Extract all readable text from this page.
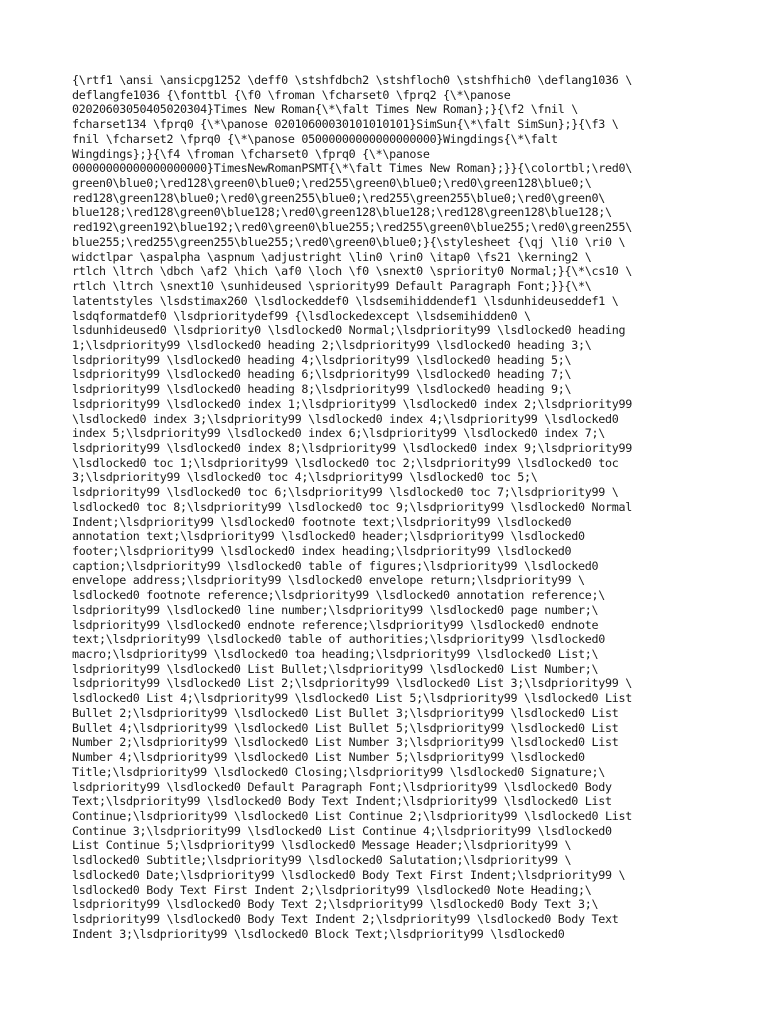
{\rtf1 \ansi \ansicpg1252 \deff0 \stshfdbch2 \stshfloch0 \stshfhich0 \deflang1036 \
deflangfe1036 {\fonttbl {\f0 \froman \fcharset0 \fprq2 {\*\panose
02020603050405020304}Times New Roman{\*\falt Times New Roman};}{\f2 \fnil \
fcharset134 \fprq0 {\*\panose 02010600030101010101}SimSun{\*\falt SimSun};}{\f3 \
fnil \fcharset2 \fprq0 {\*\panose 05000000000000000000}Wingdings{\*\falt
Wingdings};}{\f4 \froman \fcharset0 \fprq0 {\*\panose
00000000000000000000}TimesNewRomanPSMT{\*\falt Times New Roman};}}{\colortbl;\red0\
green0\blue0;\red128\green0\blue0;\red255\green0\blue0;\red0\green128\blue0;\
red128\green128\blue0;\red0\green255\blue0;\red255\green255\blue0;\red0\green0\
blue128;\red128\green0\blue128;\red0\green128\blue128;\red128\green128\blue128;\
red192\green192\blue192;\red0\green0\blue255;\red255\green0\blue255;\red0\green255\
blue255;\red255\green255\blue255;\red0\green0\blue0;}{\stylesheet {\qj \li0 \ri0 \
widctlpar \aspalpha \aspnum \adjustright \lin0 \rin0 \itap0 \fs21 \kerning2 \
rtlch \ltrch \dbch \af2 \hich \af0 \loch \f0 \snext0 \spriority0 Normal;}{\*\cs10 \
rtlch \ltrch \snext10 \sunhideused \spriority99 Default Paragraph Font;}}{\*\
latentstyles \lsdstimax260 \lsdlockeddef0 \lsdsemihiddendef1 \lsdunhideuseddef1 \
lsdqformatdef0 \lsdprioritydef99 {\lsdlockedexcept \lsdsemihidden0 \
lsdunhideused0 \lsdpriority0 \lsdlocked0 Normal;\lsdpriority99 \lsdlocked0 heading
1;\lsdpriority99 \lsdlocked0 heading 2;\lsdpriority99 \lsdlocked0 heading 3;\
lsdpriority99 \lsdlocked0 heading 4;\lsdpriority99 \lsdlocked0 heading 5;\
lsdpriority99 \lsdlocked0 heading 6;\lsdpriority99 \lsdlocked0 heading 7;\
lsdpriority99 \lsdlocked0 heading 8;\lsdpriority99 \lsdlocked0 heading 9;\
lsdpriority99 \lsdlocked0 index 1;\lsdpriority99 \lsdlocked0 index 2;\lsdpriority99
\lsdlocked0 index 3;\lsdpriority99 \lsdlocked0 index 4;\lsdpriority99 \lsdlocked0
index 5;\lsdpriority99 \lsdlocked0 index 6;\lsdpriority99 \lsdlocked0 index 7;\
lsdpriority99 \lsdlocked0 index 8;\lsdpriority99 \lsdlocked0 index 9;\lsdpriority99
\lsdlocked0 toc 1;\lsdpriority99 \lsdlocked0 toc 2;\lsdpriority99 \lsdlocked0 toc
3;\lsdpriority99 \lsdlocked0 toc 4;\lsdpriority99 \lsdlocked0 toc 5;\
lsdpriority99 \lsdlocked0 toc 6;\lsdpriority99 \lsdlocked0 toc 7;\lsdpriority99 \
lsdlocked0 toc 8;\lsdpriority99 \lsdlocked0 toc 9;\lsdpriority99 \lsdlocked0 Normal
Indent;\lsdpriority99 \lsdlocked0 footnote text;\lsdpriority99 \lsdlocked0
annotation text;\lsdpriority99 \lsdlocked0 header;\lsdpriority99 \lsdlocked0
footer;\lsdpriority99 \lsdlocked0 index heading;\lsdpriority99 \lsdlocked0
caption;\lsdpriority99 \lsdlocked0 table of figures;\lsdpriority99 \lsdlocked0
envelope address;\lsdpriority99 \lsdlocked0 envelope return;\lsdpriority99 \
lsdlocked0 footnote reference;\lsdpriority99 \lsdlocked0 annotation reference;\
lsdpriority99 \lsdlocked0 line number;\lsdpriority99 \lsdlocked0 page number;\
lsdpriority99 \lsdlocked0 endnote reference;\lsdpriority99 \lsdlocked0 endnote
text;\lsdpriority99 \lsdlocked0 table of authorities;\lsdpriority99 \lsdlocked0
macro;\lsdpriority99 \lsdlocked0 toa heading;\lsdpriority99 \lsdlocked0 List;\
lsdpriority99 \lsdlocked0 List Bullet;\lsdpriority99 \lsdlocked0 List Number;\
lsdpriority99 \lsdlocked0 List 2;\lsdpriority99 \lsdlocked0 List 3;\lsdpriority99 \
lsdlocked0 List 4;\lsdpriority99 \lsdlocked0 List 5;\lsdpriority99 \lsdlocked0 List
Bullet 2;\lsdpriority99 \lsdlocked0 List Bullet 3;\lsdpriority99 \lsdlocked0 List
Bullet 4;\lsdpriority99 \lsdlocked0 List Bullet 5;\lsdpriority99 \lsdlocked0 List
Number 2;\lsdpriority99 \lsdlocked0 List Number 3;\lsdpriority99 \lsdlocked0 List
Number 4;\lsdpriority99 \lsdlocked0 List Number 5;\lsdpriority99 \lsdlocked0
Title;\lsdpriority99 \lsdlocked0 Closing;\lsdpriority99 \lsdlocked0 Signature;\
lsdpriority99 \lsdlocked0 Default Paragraph Font;\lsdpriority99 \lsdlocked0 Body
Text;\lsdpriority99 \lsdlocked0 Body Text Indent;\lsdpriority99 \lsdlocked0 List
Continue;\lsdpriority99 \lsdlocked0 List Continue 2;\lsdpriority99 \lsdlocked0 List
Continue 3;\lsdpriority99 \lsdlocked0 List Continue 4;\lsdpriority99 \lsdlocked0
List Continue 5;\lsdpriority99 \lsdlocked0 Message Header;\lsdpriority99 \
lsdlocked0 Subtitle;\lsdpriority99 \lsdlocked0 Salutation;\lsdpriority99 \
lsdlocked0 Date;\lsdpriority99 \lsdlocked0 Body Text First Indent;\lsdpriority99 \
lsdlocked0 Body Text First Indent 2;\lsdpriority99 \lsdlocked0 Note Heading;\
lsdpriority99 \lsdlocked0 Body Text 2;\lsdpriority99 \lsdlocked0 Body Text 3;\
lsdpriority99 \lsdlocked0 Body Text Indent 2;\lsdpriority99 \lsdlocked0 Body Text
Indent 3;\lsdpriority99 \lsdlocked0 Block Text;\lsdpriority99 \lsdlocked0
